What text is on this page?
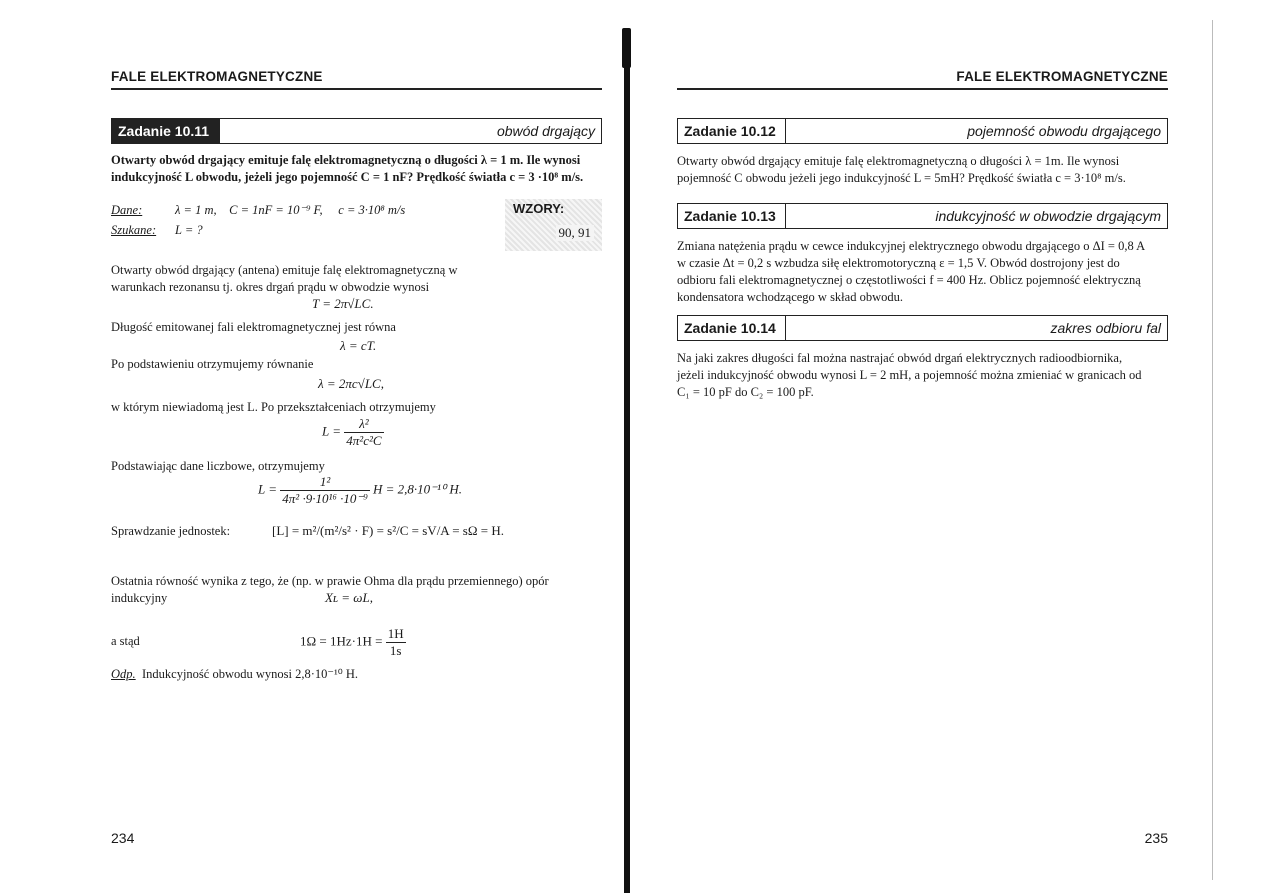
FALE ELEKTROMAGNETYCZNE
Zadanie 10.11	obwód drgający
Otwarty obwód drgający emituje falę elektromagnetyczną o długości λ = 1 m. Ile wynosi
indukcyjność L obwodu, jeżeli jego pojemność C = 1 nF? Prędkość światła c = 3 ·10⁸ m/s.
Dane:	λ = 1 m,    C = 1nF = 10⁻⁹ F,     c = 3·10⁸ m/s
Szukane: L = ?
WZORY:
90, 91
Otwarty obwód drgający (antena) emituje falę elektromagnetyczną w
warunkach rezonansu tj. okres drgań prądu w obwodzie wynosi
T = 2π√LC.
Długość emitowanej fali elektromagnetycznej jest równa
λ = cT.
Po podstawieniu otrzymujemy równanie
λ = 2πc√LC,
w którym niewiadomą jest L. Po przekształceniach otrzymujemy
$L = \frac{\text{λ²}}{\text{4π²c²C}}$
Podstawiając dane liczbowe, otrzymujemy
$L = \frac{\text{1²}}{\text{4π² ·9·10¹⁶ ·10⁻⁹}}$ H = 2,8·10⁻¹⁰ H.
Sprawdzanie jednostek:	[L] = m²/(m²/s² · F) = s²/C = sV/A = sΩ = H.
Ostatnia równość wynika z tego, że (np. w prawie Ohma dla prądu przemiennego) opór
indukcyjny	Xʟ = ωL,
a stąd	$1\Omega = 1Hz\cdot 1H = \frac{1H}{1s}$
Odp. Indukcyjność obwodu wynosi 2,8·10⁻¹⁰ H.
234
FALE ELEKTROMAGNETYCZNE
Zadanie 10.12	pojemność obwodu drgającego
Otwarty obwód drgający emituje falę elektromagnetyczną o długości λ = 1m. Ile wynosi
pojemność C obwodu jeżeli jego indukcyjność L = 5mH? Prędkość światła c = 3·10⁸ m/s.
Zadanie 10.13	indukcyjność w obwodzie drgającym
Zmiana natężenia prądu w cewce indukcyjnej elektrycznego obwodu drgającego o ΔI = 0,8 A
w czasie Δt = 0,2 s wzbudza siłę elektromotoryczną ε = 1,5 V. Obwód dostrojony jest do
odbioru fali elektromagnetycznej o częstotliwości f = 400 Hz. Oblicz pojemność elektryczną
kondensatora wchodzącego w skład obwodu.
Zadanie 10.14	zakres odbioru fal
Na jaki zakres długości fal można nastrajać obwód drgań elektrycznych radioodbiornika,
jeżeli indukcyjność obwodu wynosi L = 2 mH, a pojemność można zmieniać w granicach od
C₁ = 10 pF do C₂ = 100 pF.
235
